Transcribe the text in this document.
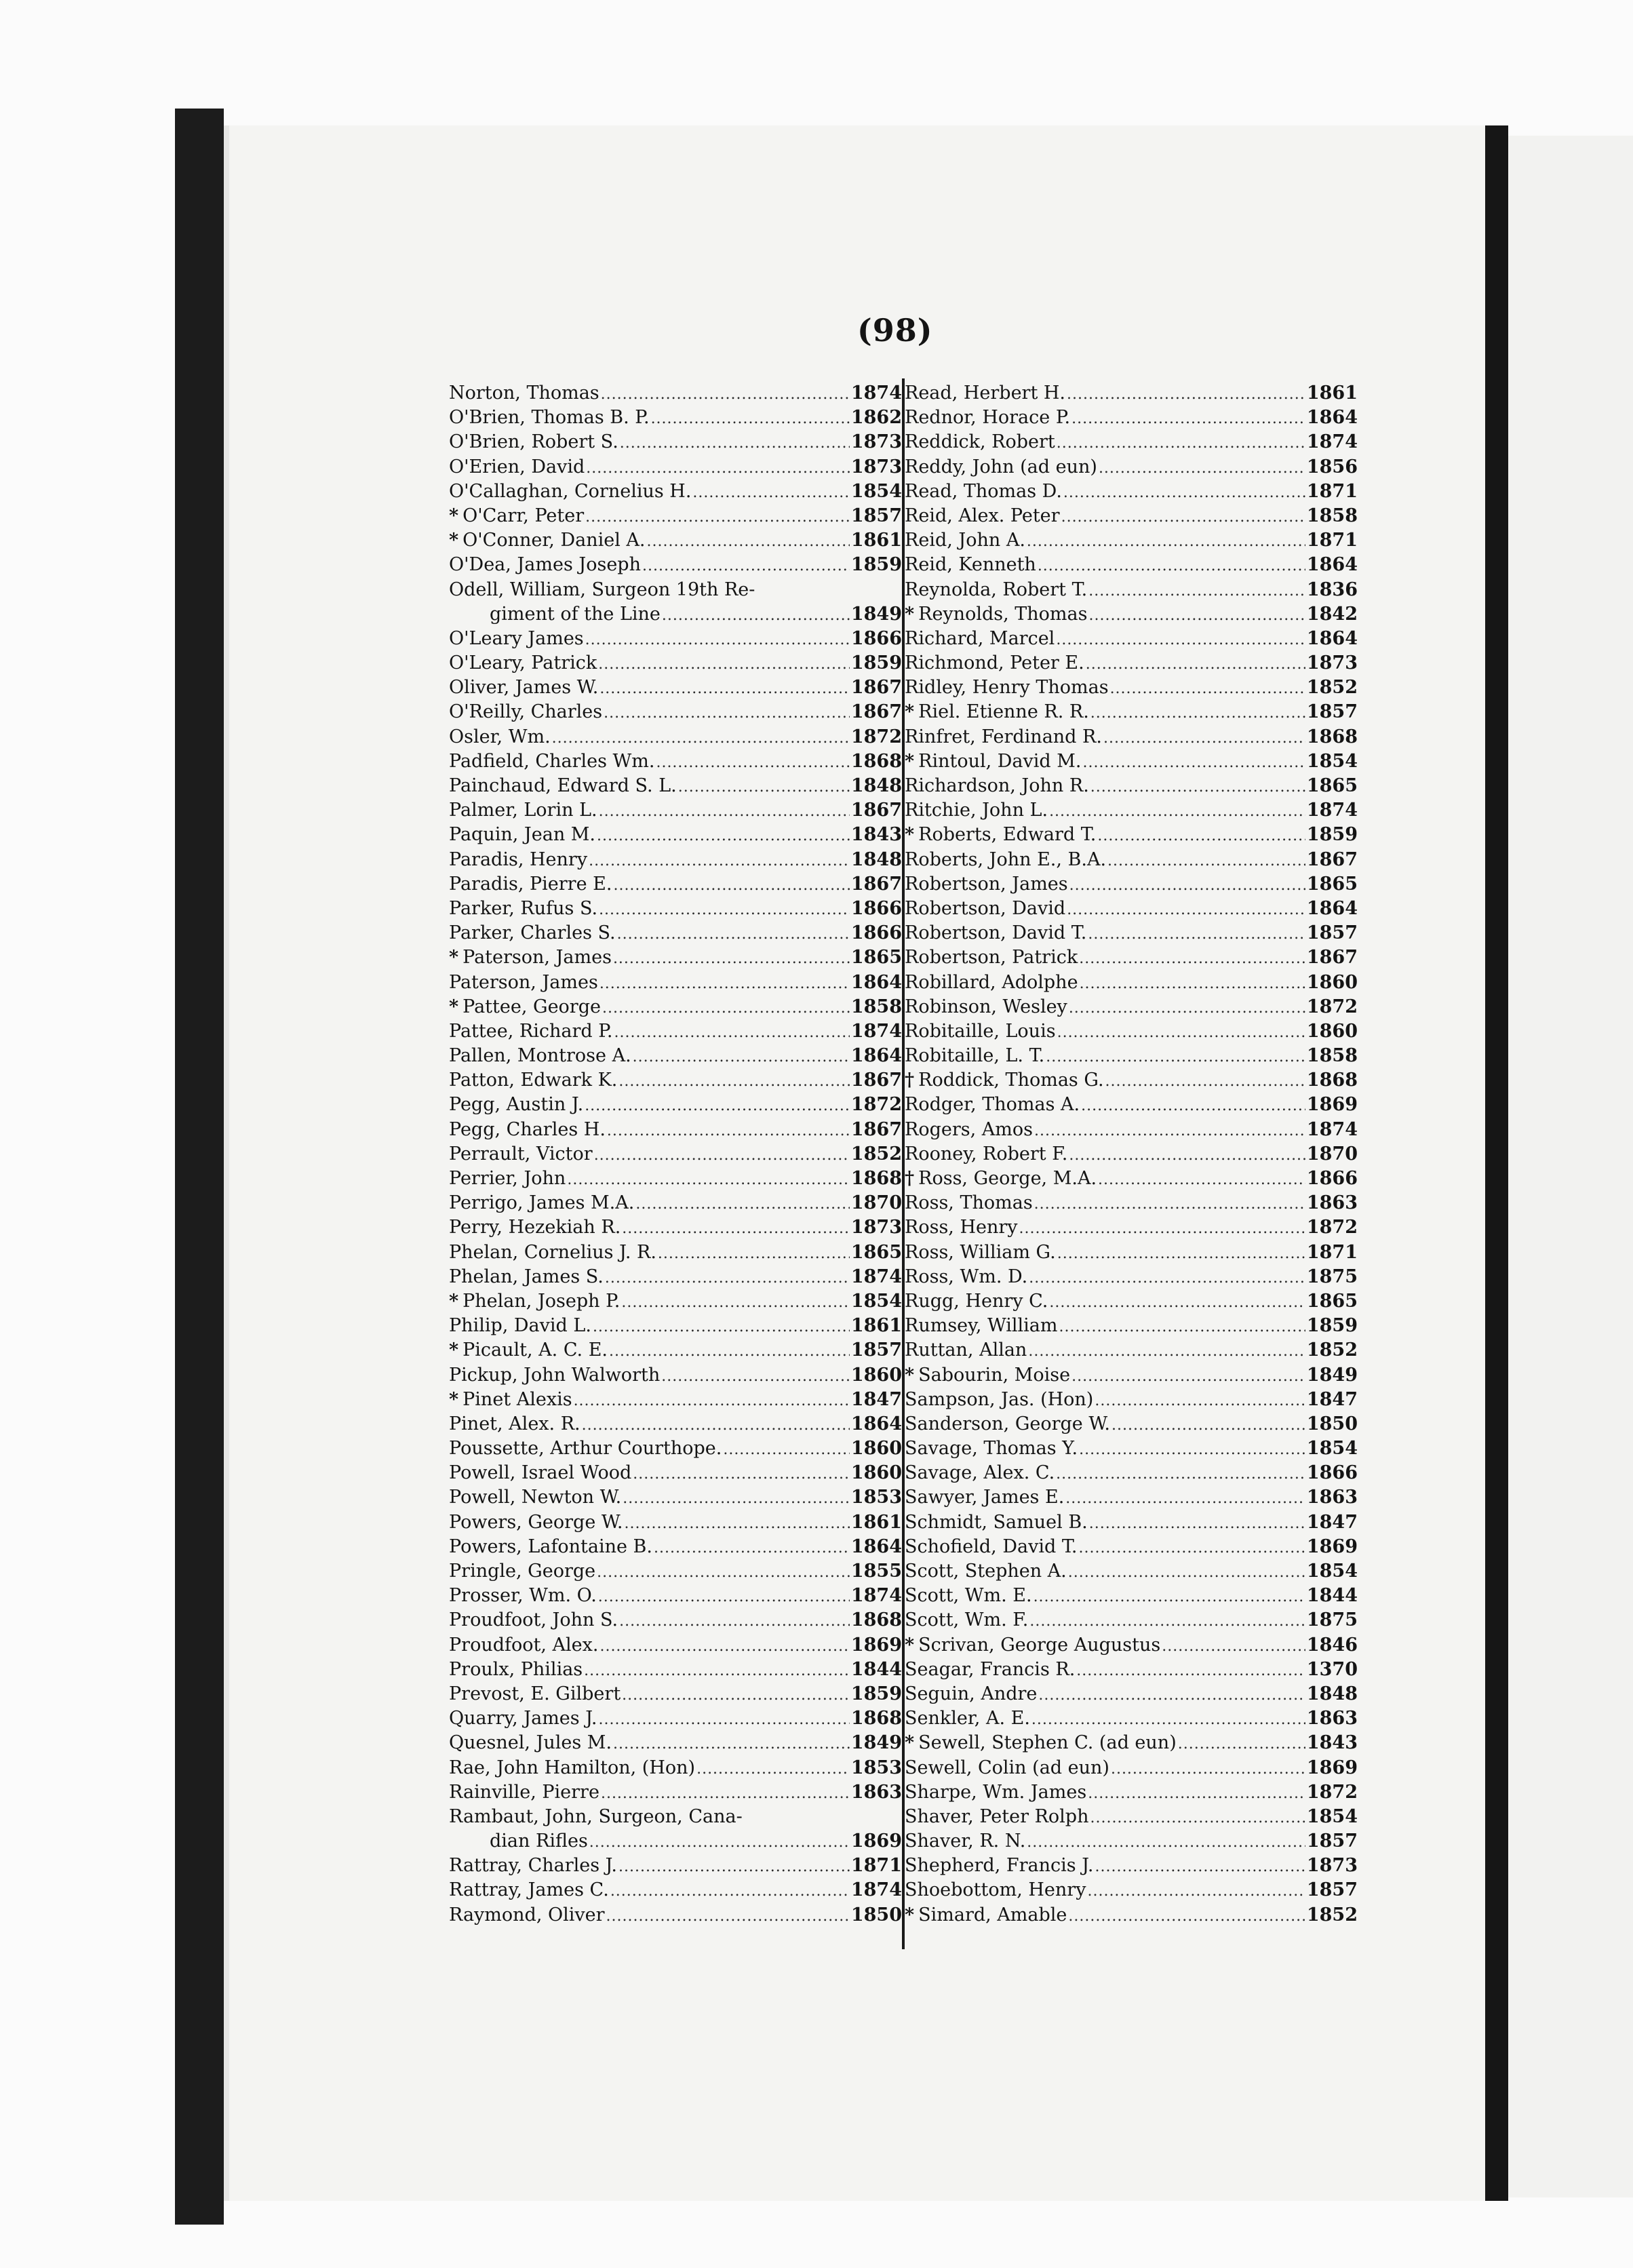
(98)
Norton, Thomas .....	1874
O'Brien, Thomas B. P. .....	1862
O'Brien, Robert S. .....	1873
O'Erien, David .....	1873
O'Callaghan, Cornelius H. .....	1854
* O'Carr, Peter .....	1857
* O'Conner, Daniel A. .....	1861
O'Dea, James Joseph .....	1859
Odell, William, Surgeon 19th Re-
giment of the Line .....	1849
O'Leary James .....	1866
O'Leary, Patrick .....	1859
Oliver, James W. .....	1867
O'Reilly, Charles .....	1867
Osler, Wm. .....	1872
Padfield, Charles Wm. .....	1868
Painchaud, Edward S. L. .....	1848
Palmer, Lorin L. .....	1867
Paquin, Jean M. .....	1843
Paradis, Henry .....	1848
Paradis, Pierre E. .....	1867
Parker, Rufus S. .....	1866
Parker, Charles S. .....	1866
* Paterson, James .....	1865
Paterson, James .....	1864
* Pattee, George .....	1858
Pattee, Richard P. .....	1874
Pallen, Montrose A. .....	1864
Patton, Edwark K. .....	1867
Pegg, Austin J. .....	1872
Pegg, Charles H. .....	1867
Perrault, Victor .....	1852
Perrier, John .....	1868
Perrigo, James M.A. .....	1870
Perry, Hezekiah R. .....	1873
Phelan, Cornelius J. R. .....	1865
Phelan, James S. .....	1874
* Phelan, Joseph P. .....	1854
Philip, David L. .....	1861
* Picault, A. C. E. .....	1857
Pickup, John Walworth .....	1860
* Pinet Alexis .....	1847
Pinet, Alex. R. .....	1864
Poussette, Arthur Courthope. .....	1860
Powell, Israel Wood .....	1860
Powell, Newton W. .....	1853
Powers, George W. .....	1861
Powers, Lafontaine B. .....	1864
Pringle, George .....	1855
Prosser, Wm. O. .....	1874
Proudfoot, John S. .....	1868
Proudfoot, Alex. .....	1869
Proulx, Philias .....	1844
Prevost, E. Gilbert .....	1859
Quarry, James J. .....	1868
Quesnel, Jules M. .....	1849
Rae, John Hamilton, (Hon) .....	1853
Rainville, Pierre .....	1863
Rambaut, John, Surgeon, Cana-
dian Rifles .....	1869
Rattray, Charles J. .....	1871
Rattray, James C. .....	1874
Raymond, Oliver .....	1850
Read, Herbert H. .....	1861
Rednor, Horace P. .....	1864
Reddick, Robert .....	1874
Reddy, John (ad eun) .....	1856
Read, Thomas D. .....	1871
Reid, Alex. Peter .....	1858
Reid, John A. .....	1871
Reid, Kenneth .....	1864
Reynolda, Robert T. .....	1836
* Reynolds, Thomas .....	1842
Richard, Marcel .....	1864
Richmond, Peter E. .....	1873
Ridley, Henry Thomas .....	1852
* Riel. Etienne R. R. .....	1857
Rinfret, Ferdinand R. .....	1868
* Rintoul, David M. .....	1854
Richardson, John R. .....	1865
Ritchie, John L. .....	1874
* Roberts, Edward T. .....	1859
Roberts, John E., B.A. .....	1867
Robertson, James .....	1865
Robertson, David .....	1864
Robertson, David T. .....	1857
Robertson, Patrick .....	1867
Robillard, Adolphe .....	1860
Robinson, Wesley .....	1872
Robitaille, Louis .....	1860
Robitaille, L. T. .....	1858
† Roddick, Thomas G. .....	1868
Rodger, Thomas A. .....	1869
Rogers, Amos .....	1874
Rooney, Robert F. .....	1870
† Ross, George, M.A. .....	1866
Ross, Thomas .....	1863
Ross, Henry .....	1872
Ross, William G. .....	1871
Ross, Wm. D. .....	1875
Rugg, Henry C. .....	1865
Rumsey, William .....	1859
Ruttan, Allan .....	1852
* Sabourin, Moise .....	1849
Sampson, Jas. (Hon) .....	1847
Sanderson, George W. .....	1850
Savage, Thomas Y. .....	1854
Savage, Alex. C. .....	1866
Sawyer, James E. .....	1863
Schmidt, Samuel B. .....	1847
Schofield, David T. .....	1869
Scott, Stephen A. .....	1854
Scott, Wm. E. .....	1844
Scott, Wm. F. .....	1875
* Scrivan, George Augustus .....	1846
Seagar, Francis R. .....	1370
Seguin, Andre .....	1848
Senkler, A. E. .....	1863
* Sewell, Stephen C. (ad eun) .....	1843
Sewell, Colin (ad eun) .....	1869
Sharpe, Wm. James .....	1872
Shaver, Peter Rolph .....	1854
Shaver, R. N. .....	1857
Shepherd, Francis J. .....	1873
Shoebottom, Henry .....	1857
* Simard, Amable .....	1852
